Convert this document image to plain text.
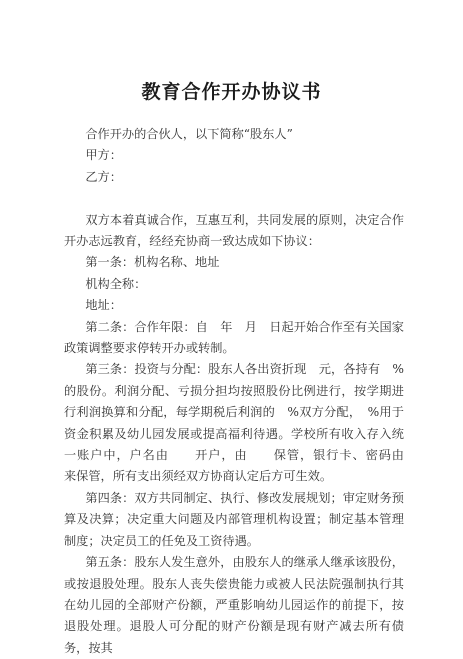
教育合作开办协议书

合作开办的合伙人，以下简称“股东人”

甲方：

乙方：

双方本着真诚合作，互惠互利，共同发展的原则，决定合作开办志远教育，经经充协商一致达成如下协议：

第一条：机构名称、地址

机构全称：

地址：

第二条：合作年限：自　年　月　日起开始合作至有关国家政策调整要求停转开办或转制。

第三条：投资与分配：股东人各出资折现　元，各持有　%的股份。利润分配、亏损分担均按照股份比例进行，按学期进行利润换算和分配，每学期税后利润的　%双方分配，　%用于资金积累及幼儿园发展或提高福利待遇。学校所有收入存入统一账户中，户名由　　开户，由　　保管，银行卡、密码由　　来保管，所有支出须经双方协商认定后方可生效。

第四条：双方共同制定、执行、修改发展规划；审定财务预算及决算；决定重大问题及内部管理机构设置；制定基本管理制度；决定员工的任免及工资待遇。

第五条：股东人发生意外，由股东人的继承人继承该股份，或按退股处理。股东人丧失偿贵能力或被人民法院强制执行其在幼儿园的全部财产份额，严重影响幼儿园运作的前提下，按退股处理。退股人可分配的财产份额是现有财产减去所有债务，按其
